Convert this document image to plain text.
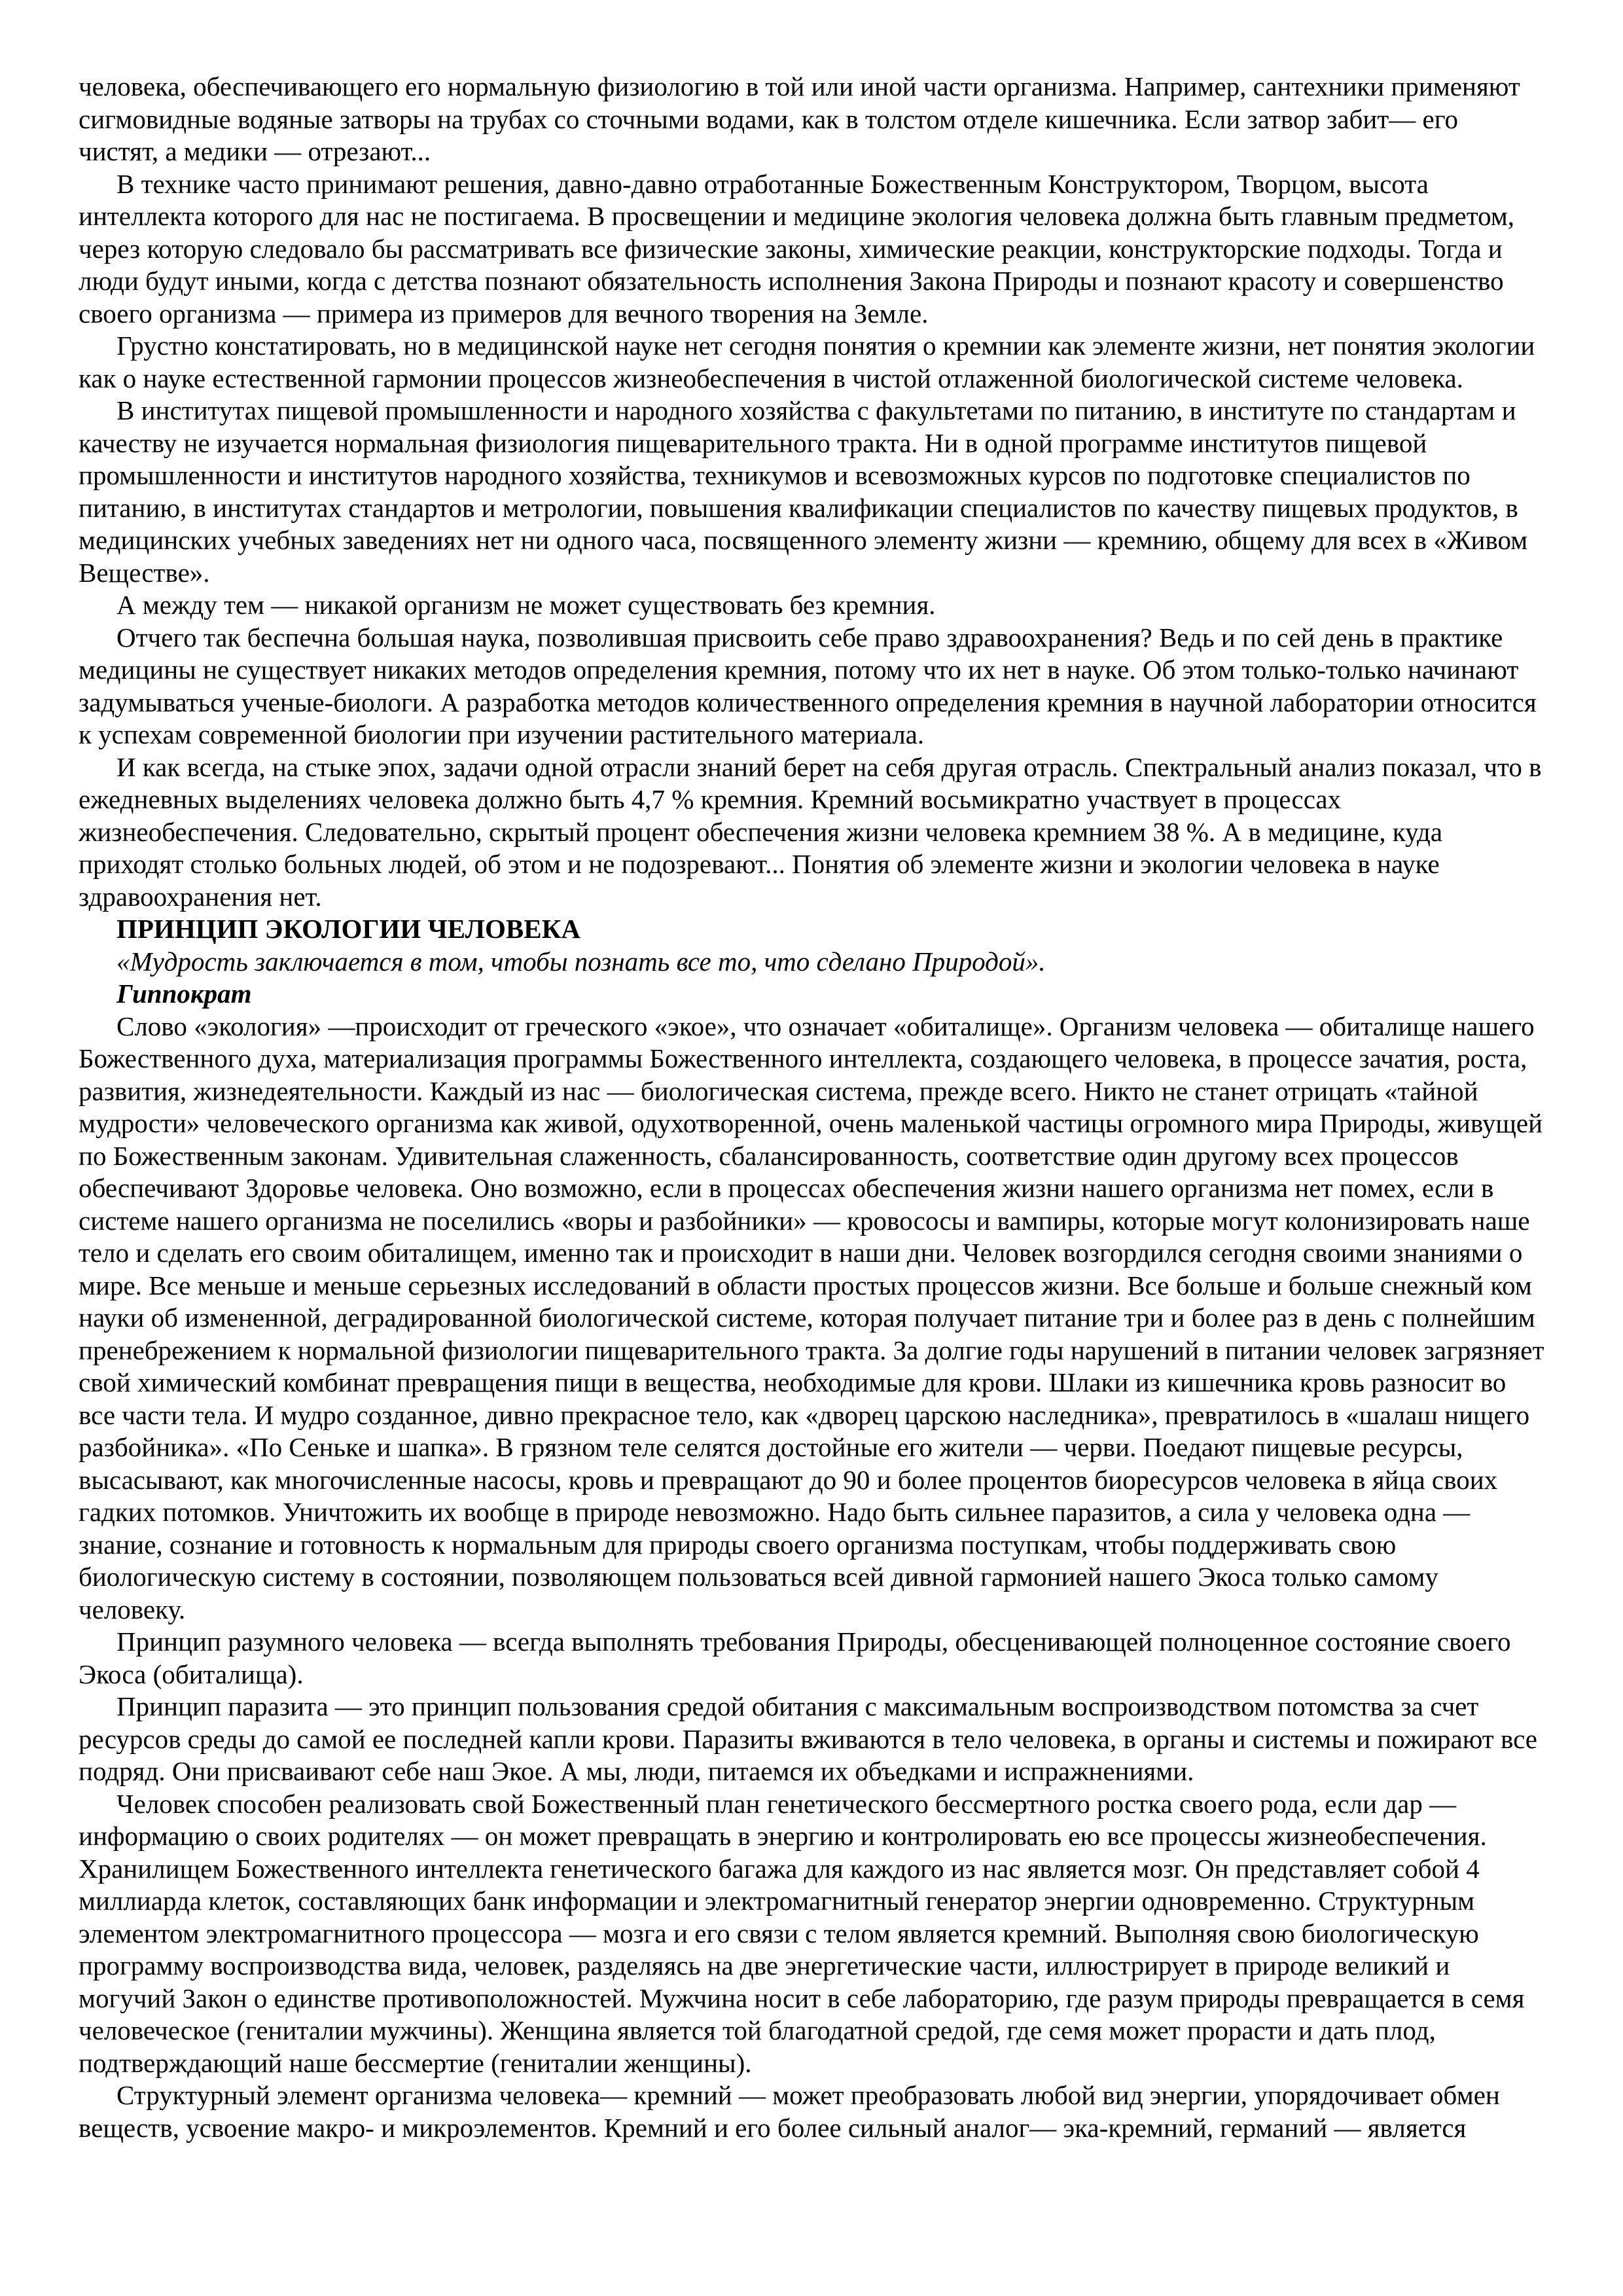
человека, обеспечивающего его нормальную физиологию в той или иной части организма. Например, сантехники применяют сигмовидные водяные затворы на трубах со сточными водами, как в толстом отделе кишечника. Если затвор забит— его чистят, а медики — отрезают...

В технике часто принимают решения, давно-давно отработанные Божественным Конструктором, Творцом, высота интеллекта которого для нас не постигаема. В просвещении и медицине экология человека должна быть главным предметом, через которую следовало бы рассматривать все физические законы, химические реакции, конструкторские подходы. Тогда и люди будут иными, когда с детства познают обязательность исполнения Закона Природы и познают красоту и совершенство своего организма — примера из примеров для вечного творения на Земле.

Грустно констатировать, но в медицинской науке нет сегодня понятия о кремнии как элементе жизни, нет понятия экологии как о науке естественной гармонии процессов жизнеобеспечения в чистой отлаженной биологической системе человека.

В институтах пищевой промышленности и народного хозяйства с факультетами по питанию, в институте по стандартам и качеству не изучается нормальная физиология пищеварительного тракта. Ни в одной программе институтов пищевой промышленности и институтов народного хозяйства, техникумов и всевозможных курсов по подготовке специалистов по питанию, в институтах стандартов и метрологии, повышения квалификации специалистов по качеству пищевых продуктов, в медицинских учебных заведениях нет ни одного часа, посвященного элементу жизни — кремнию, общему для всех в «Живом Веществе».

А между тем — никакой организм не может существовать без кремния.

Отчего так беспечна большая наука, позволившая присвоить себе право здравоохранения? Ведь и по сей день в практике медицины не существует никаких методов определения кремния, потому что их нет в науке. Об этом только-только начинают задумываться ученые-биологи. А разработка методов количественного определения кремния в научной лаборатории относится к успехам современной биологии при изучении растительного материала.

И как всегда, на стыке эпох, задачи одной отрасли знаний берет на себя другая отрасль. Спектральный анализ показал, что в ежедневных выделениях человека должно быть 4,7 % кремния. Кремний восьмикратно участвует в процессах жизнеобеспечения. Следовательно, скрытый процент обеспечения жизни человека кремнием 38 %. А в медицине, куда приходят столько больных людей, об этом и не подозревают... Понятия об элементе жизни и экологии человека в науке здравоохранения нет.

ПРИНЦИП ЭКОЛОГИИ ЧЕЛОВЕКА

«Мудрость заключается в том, чтобы познать все то, что сделано Природой».

Гиппократ

Слово «экология» —происходит от греческого «экое», что означает «обиталище». Организм человека — обиталище нашего Божественного духа, материализация программы Божественного интеллекта, создающего человека, в процессе зачатия, роста, развития, жизнедеятельности. Каждый из нас — биологическая система, прежде всего. Никто не станет отрицать «тайной мудрости» человеческого организма как живой, одухотворенной, очень маленькой частицы огромного мира Природы, живущей по Божественным законам. Удивительная слаженность, сбалансированность, соответствие один другому всех процессов обеспечивают Здоровье человека. Оно возможно, если в процессах обеспечения жизни нашего организма нет помех, если в системе нашего организма не поселились «воры и разбойники» — кровососы и вампиры, которые могут колонизировать наше тело и сделать его своим обиталищем, именно так и происходит в наши дни. Человек возгордился сегодня своими знаниями о мире. Все меньше и меньше серьезных исследований в области простых процессов жизни. Все больше и больше снежный ком науки об измененной, деградированной биологической системе, которая получает питание три и более раз в день с полнейшим пренебрежением к нормальной физиологии пищеварительного тракта. За долгие годы нарушений в питании человек загрязняет свой химический комбинат превращения пищи в вещества, необходимые для крови. Шлаки из кишечника кровь разносит во все части тела. И мудро созданное, дивно прекрасное тело, как «дворец царскою наследника», превратилось в «шалаш нищего разбойника». «По Сеньке и шапка». В грязном теле селятся достойные его жители — черви. Поедают пищевые ресурсы, высасывают, как многочисленные насосы, кровь и превращают до 90 и более процентов биоресурсов человека в яйца своих гадких потомков. Уничтожить их вообще в природе невозможно. Надо быть сильнее паразитов, а сила у человека одна — знание, сознание и готовность к нормальным для природы своего организма поступкам, чтобы поддерживать свою биологическую систему в состоянии, позволяющем пользоваться всей дивной гармонией нашего Экоса только самому человеку.

Принцип разумного человека — всегда выполнять требования Природы, обесценивающей полноценное состояние своего Экоса (обиталища).

Принцип паразита — это принцип пользования средой обитания с максимальным воспроизводством потомства за счет ресурсов среды до самой ее последней капли крови. Паразиты вживаются в тело человека, в органы и системы и пожирают все подряд. Они присваивают себе наш Экое. А мы, люди, питаемся их объедками и испражнениями.

Человек способен реализовать свой Божественный план генетического бессмертного ростка своего рода, если дар — информацию о своих родителях — он может превращать в энергию и контролировать ею все процессы жизнеобеспечения. Хранилищем Божественного интеллекта генетического багажа для каждого из нас является мозг. Он представляет собой 4 миллиарда клеток, составляющих банк информации и электромагнитный генератор энергии одновременно. Структурным элементом электромагнитного процессора — мозга и его связи с телом является кремний. Выполняя свою биологическую программу воспроизводства вида, человек, разделяясь на две энергетические части, иллюстрирует в природе великий и могучий Закон о единстве противоположностей. Мужчина носит в себе лабораторию, где разум природы превращается в семя человеческое (гениталии мужчины). Женщина является той благодатной средой, где семя может прорасти и дать плод, подтверждающий наше бессмертие (гениталии женщины).

Структурный элемент организма человека— кремний — может преобразовать любой вид энергии, упорядочивает обмен веществ, усвоение макро- и микроэлементов. Кремний и его более сильный аналог— эка-кремний, германий — является
